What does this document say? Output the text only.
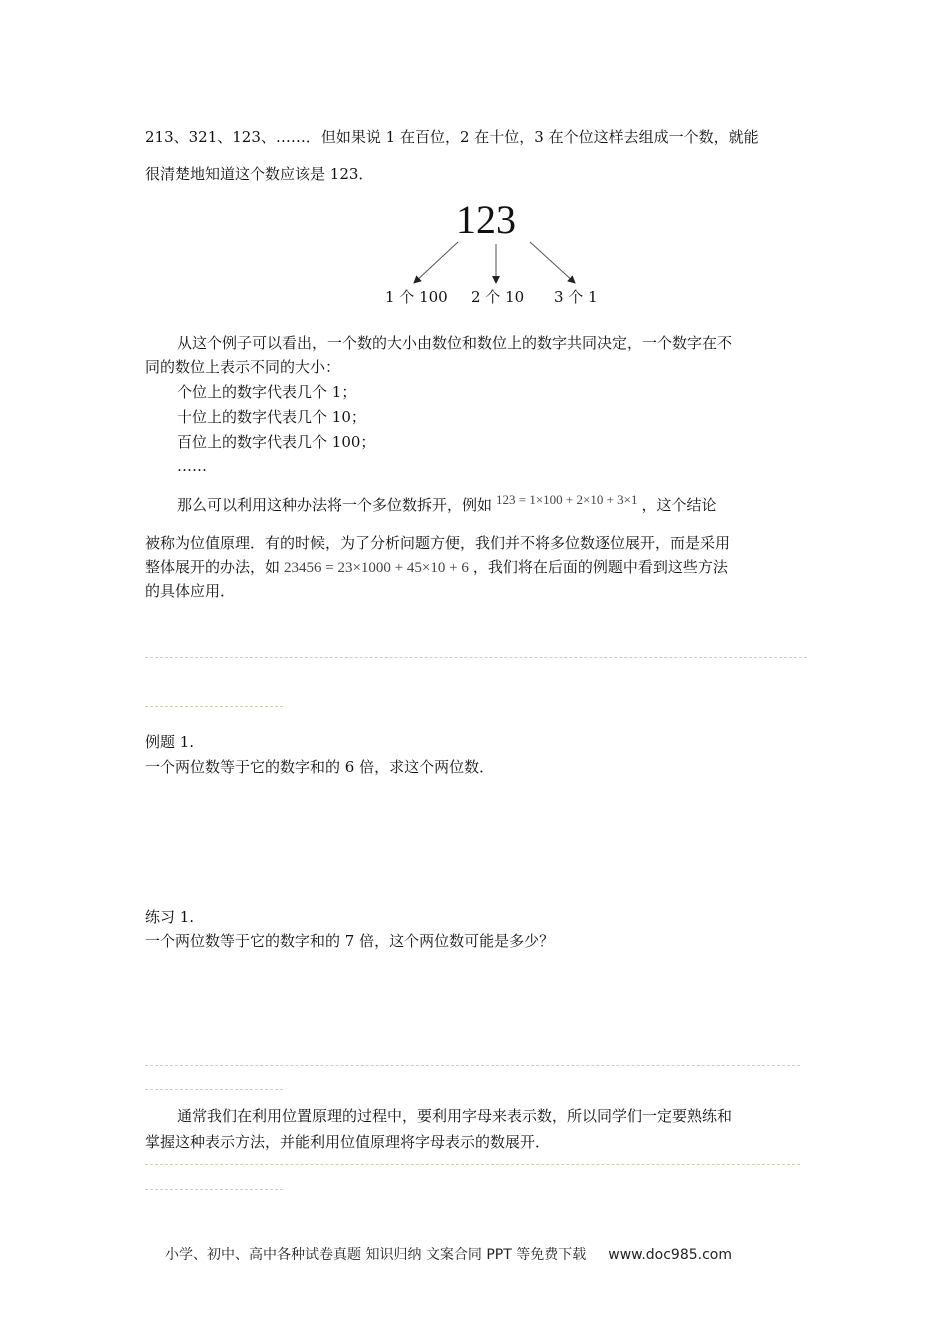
213、321、123、……．但如果说 1 在百位，2 在十位，3 在个位这样去组成一个数，就能
很清楚地知道这个数应该是 123．
123
1 个 100 2 个 10 3 个 1
从这个例子可以看出，一个数的大小由数位和数位上的数字共同决定，一个数字在不
同的数位上表示不同的大小：
个位上的数字代表几个 1；
十位上的数字代表几个 10；
百位上的数字代表几个 100；
……
那么可以利用这种办法将一个多位数拆开，例如 123 = 1×100 + 2×10 + 3×1 ，这个结论
被称为位值原理．有的时候，为了分析问题方便，我们并不将多位数逐位展开，而是采用
整体展开的办法，如 23456 = 23×1000 + 45×10 + 6 ，我们将在后面的例题中看到这些方法
的具体应用．
例题 1.
一个两位数等于它的数字和的 6 倍，求这个两位数．
练习 1.
一个两位数等于它的数字和的 7 倍，这个两位数可能是多少？
通常我们在利用位置原理的过程中，要利用字母来表示数，所以同学们一定要熟练和
掌握这种表示方法，并能利用位值原理将字母表示的数展开．
小学、初中、高中各种试卷真题 知识归纳 文案合同 PPT 等免费下载 www.doc985.com
